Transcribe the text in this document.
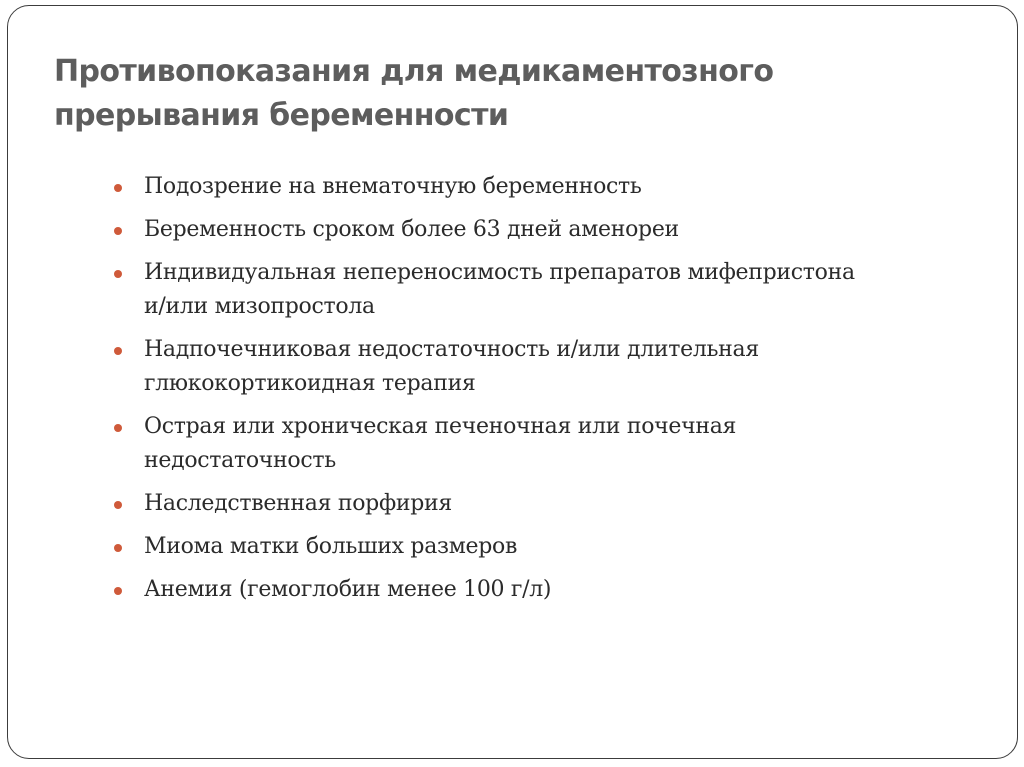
Противопоказания для медикаментозного
прерывания беременности
Подозрение на внематочную беременность
Беременность сроком более 63 дней аменореи
Индивидуальная непереносимость препаратов мифепристона
и/или мизопростола
Надпочечниковая недостаточность и/или длительная
глюкокортикоидная терапия
Острая или хроническая печеночная или почечная
недостаточность
Наследственная порфирия
Миома матки больших размеров
Анемия (гемоглобин менее 100 г/л)
